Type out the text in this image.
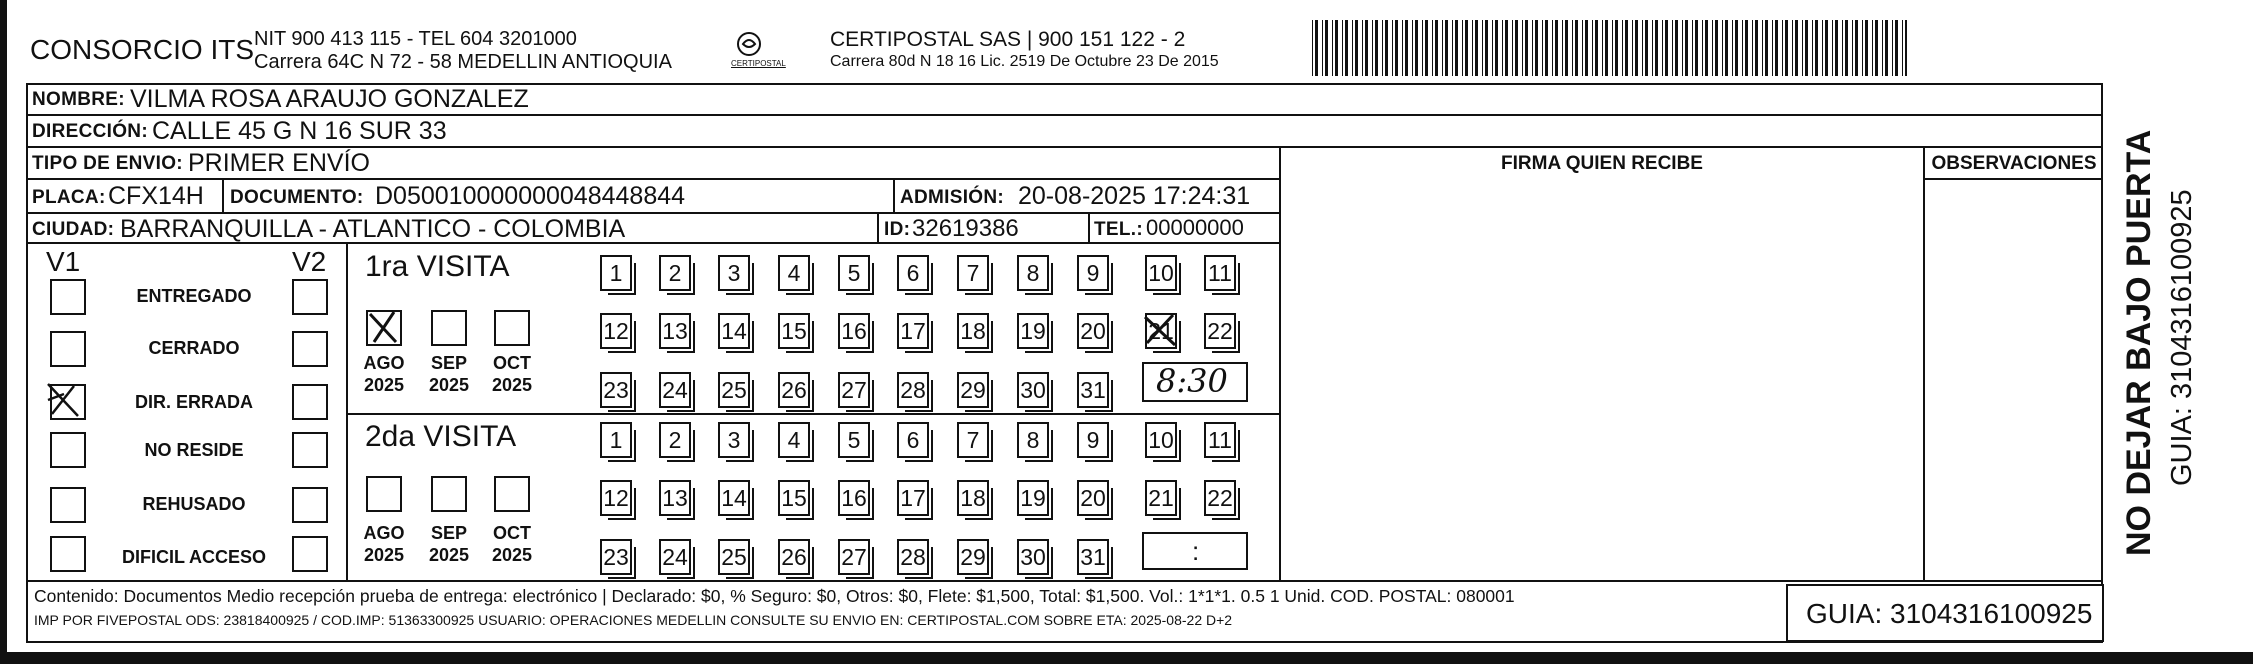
CONSORCIO ITS NIT 900 413 115 - TEL 604 3201000
Carrera 64C N 72 - 58 MEDELLIN ANTIOQUIA	CERTIPOSTAL
CERTIPOSTAL SAS | 900 151 122 - 2
Carrera 80d N 18 16 Lic. 2519 De Octubre 23 De 2015
NOMBRE: VILMA ROSA ARAUJO GONZALEZ
DIRECCIÓN: CALLE 45 G N 16 SUR 33
TIPO DE ENVIO: PRIMER ENVÍO
PLACA: CFX14H DOCUMENTO: D050010000000048448844	ADMISIÓN: 20-08-2025 17:24:31
CIUDAD: BARRANQUILLA - ATLANTICO - COLOMBIA	ID: 32619386	TEL.: 00000000
FIRMA QUIEN RECIBE	OBSERVACIONES
V1	V2
ENTREGADO
CERRADO
DIR. ERRADA
NO RESIDE
REHUSADO
DIFICIL ACCESO
1ra VISITA
AGO
2025
SEP
2025
OCT
2025
1	2	3	4	5	6	7	8	9	10 11
12 13 14 15 16 17 18 19 20 21 22
23 24 25 26 27 28 29 30 31 8:30
2da VISITA
AGO
2025
SEP
2025
OCT
2025
1	2	3	4	5	6	7	8	9	10 11
12 13 14 15 16 17 18 19 20 21 22
23 24 25 26 27 28 29 30 31	:
Contenido: Documentos Medio recepción prueba de entrega: electrónico | Declarado: $0, % Seguro: $0, Otros: $0, Flete: $1,500, Total: $1,500. Vol.: 1*1*1. 0.5 1 Unid. COD. POSTAL: 080001
IMP POR FIVEPOSTAL ODS: 23818400925 / COD.IMP: 51363300925 USUARIO: OPERACIONES MEDELLIN CONSULTE SU ENVIO EN: CERTIPOSTAL.COM SOBRE ETA: 2025-08-22 D+2	GUIA: 3104316100925
NO DEJAR BAJO PUERTA GUIA: 3104316100925
